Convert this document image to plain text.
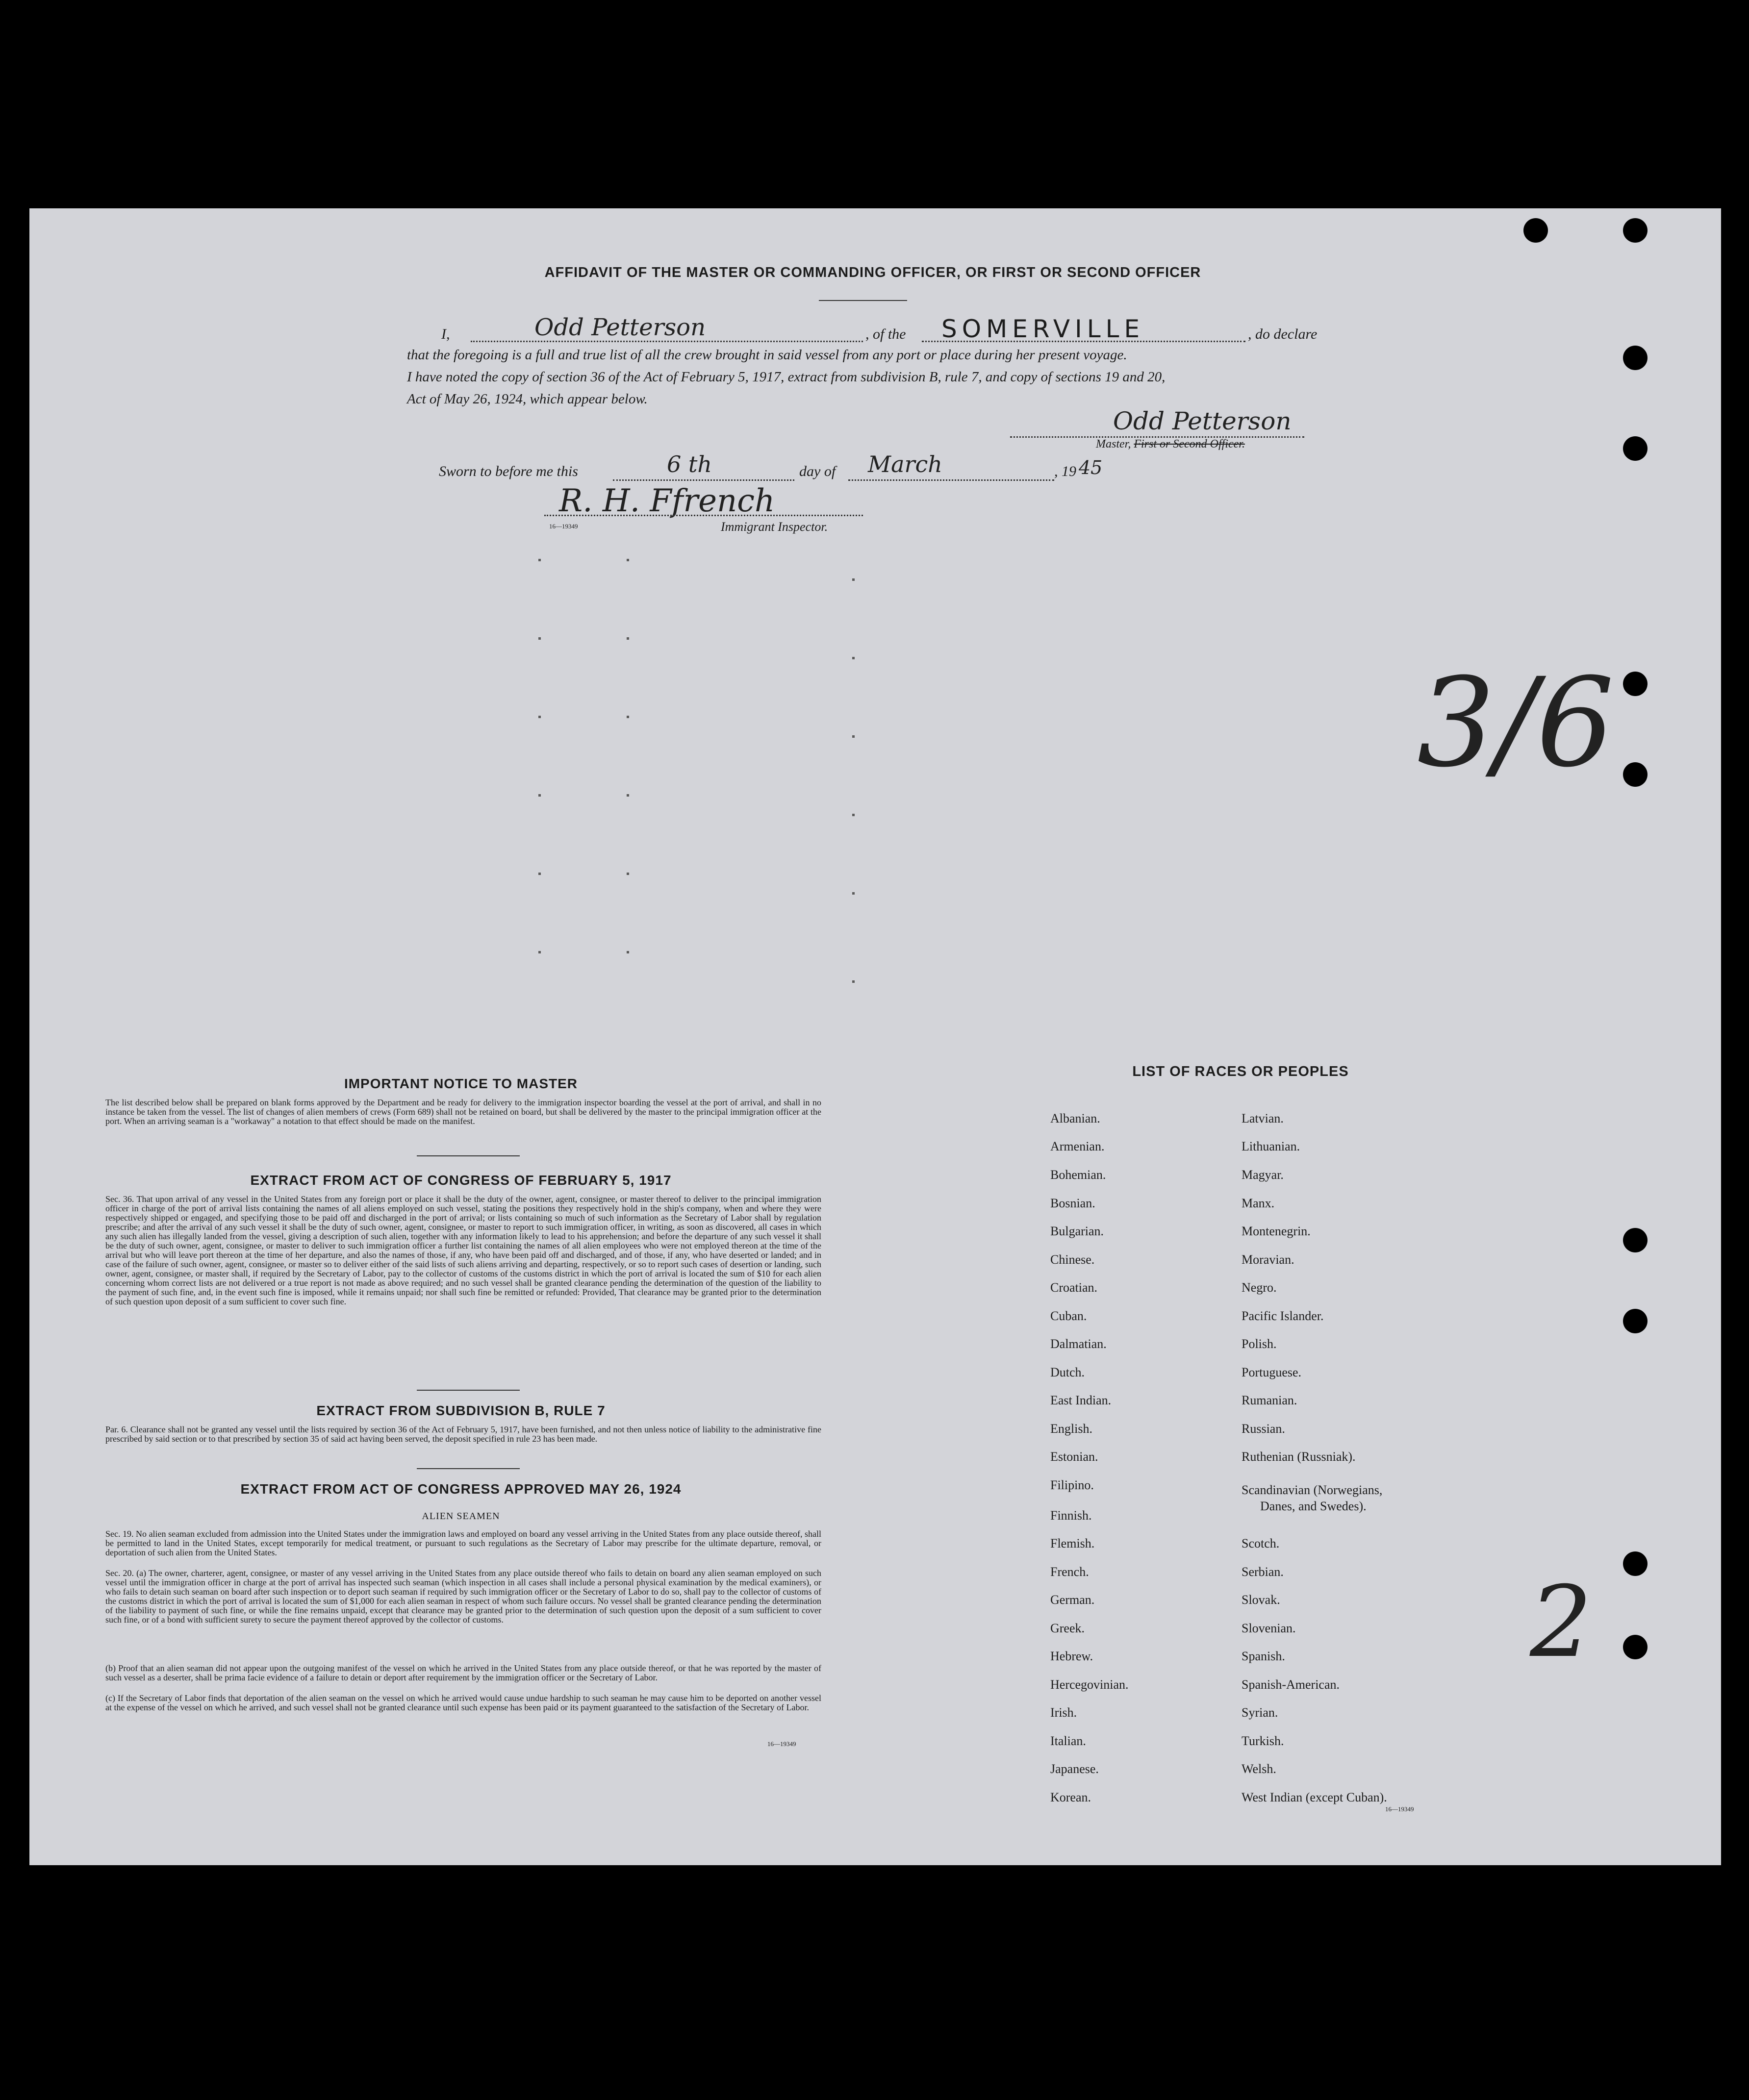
AFFIDAVIT OF THE MASTER OR COMMANDING OFFICER, OR FIRST OR SECOND OFFICER
I,	Odd Petterson	, of the SOMERVILLE	, do declare
that the foregoing is a full and true list of all the crew brought in said vessel from any port or place during her present voyage.
I have noted the copy of section 36 of the Act of February 5, 1917, extract from subdivision B, rule 7, and copy of sections 19 and 20,
Act of May 26, 1924, which appear below.
Odd Petterson
Master, First or Second Officer.
Sworn to before me this	6 th	day of March	, 19 45
R. H. Ffrench
16—19349	Immigrant Inspector.
3/6
2
IMPORTANT NOTICE TO MASTER
The list described below shall be prepared on blank forms approved by the Department and be ready for delivery to the immigration inspector boarding the vessel at the port of arrival, and shall in no instance be taken from the vessel. The list of changes of alien members of crews (Form 689) shall not be retained on board, but shall be delivered by the master to the principal immigration officer at the port. When an arriving seaman is a "workaway" a notation to that effect should be made on the manifest.
EXTRACT FROM ACT OF CONGRESS OF FEBRUARY 5, 1917
Sec. 36. That upon arrival of any vessel in the United States from any foreign port or place it shall be the duty of the owner, agent, consignee, or master thereof to deliver to the principal immigration officer in charge of the port of arrival lists containing the names of all aliens employed on such vessel, stating the positions they respectively hold in the ship's company, when and where they were respectively shipped or engaged, and specifying those to be paid off and discharged in the port of arrival; or lists containing so much of such information as the Secretary of Labor shall by regulation prescribe; and after the arrival of any such vessel it shall be the duty of such owner, agent, consignee, or master to report to such immigration officer, in writing, as soon as discovered, all cases in which any such alien has illegally landed from the vessel, giving a description of such alien, together with any information likely to lead to his apprehension; and before the departure of any such vessel it shall be the duty of such owner, agent, consignee, or master to deliver to such immigration officer a further list containing the names of all alien employees who were not employed thereon at the time of the arrival but who will leave port thereon at the time of her departure, and also the names of those, if any, who have been paid off and discharged, and of those, if any, who have deserted or landed; and in case of the failure of such owner, agent, consignee, or master so to deliver either of the said lists of such aliens arriving and departing, respectively, or so to report such cases of desertion or landing, such owner, agent, consignee, or master shall, if required by the Secretary of Labor, pay to the collector of customs of the customs district in which the port of arrival is located the sum of $10 for each alien concerning whom correct lists are not delivered or a true report is not made as above required; and no such vessel shall be granted clearance pending the determination of the question of the liability to the payment of such fine, and, in the event such fine is imposed, while it remains unpaid; nor shall such fine be remitted or refunded: Provided, That clearance may be granted prior to the determination of such question upon deposit of a sum sufficient to cover such fine.
EXTRACT FROM SUBDIVISION B, RULE 7
Par. 6. Clearance shall not be granted any vessel until the lists required by section 36 of the Act of February 5, 1917, have been furnished, and not then unless notice of liability to the administrative fine prescribed by said section or to that prescribed by section 35 of said act having been served, the deposit specified in rule 23 has been made.
EXTRACT FROM ACT OF CONGRESS APPROVED MAY 26, 1924
ALIEN SEAMEN
Sec. 19. No alien seaman excluded from admission into the United States under the immigration laws and employed on board any vessel arriving in the United States from any place outside thereof, shall be permitted to land in the United States, except temporarily for medical treatment, or pursuant to such regulations as the Secretary of Labor may prescribe for the ultimate departure, removal, or deportation of such alien from the United States.
Sec. 20. (a) The owner, charterer, agent, consignee, or master of any vessel arriving in the United States from any place outside thereof who fails to detain on board any alien seaman employed on such vessel until the immigration officer in charge at the port of arrival has inspected such seaman (which inspection in all cases shall include a personal physical examination by the medical examiners), or who fails to detain such seaman on board after such inspection or to deport such seaman if required by such immigration officer or the Secretary of Labor to do so, shall pay to the collector of customs of the customs district in which the port of arrival is located the sum of $1,000 for each alien seaman in respect of whom such failure occurs. No vessel shall be granted clearance pending the determination of the liability to payment of such fine, or while the fine remains unpaid, except that clearance may be granted prior to the determination of such question upon the deposit of a sum sufficient to cover such fine, or of a bond with sufficient surety to secure the payment thereof approved by the collector of customs.
(b) Proof that an alien seaman did not appear upon the outgoing manifest of the vessel on which he arrived in the United States from any place outside thereof, or that he was reported by the master of such vessel as a deserter, shall be prima facie evidence of a failure to detain or deport after requirement by the immigration officer or the Secretary of Labor.
(c) If the Secretary of Labor finds that deportation of the alien seaman on the vessel on which he arrived would cause undue hardship to such seaman he may cause him to be deported on another vessel at the expense of the vessel on which he arrived, and such vessel shall not be granted clearance until such expense has been paid or its payment guaranteed to the satisfaction of the Secretary of Labor.
16—19349
LIST OF RACES OR PEOPLES
Albanian.
Armenian.
Bohemian.
Bosnian.
Bulgarian.
Chinese.
Croatian.
Cuban.
Dalmatian.
Dutch.
East Indian.
English.
Estonian.
Filipino.
Finnish.
Flemish.
French.
German.
Greek.
Hebrew.
Hercegovinian.
Irish.
Italian.
Japanese.
Korean.
Latvian.
Lithuanian.
Magyar.
Manx.
Montenegrin.
Moravian.
Negro.
Pacific Islander.
Polish.
Portuguese.
Rumanian.
Russian.
Ruthenian (Russniak).
Scandinavian (Norwegians,
Danes, and Swedes).
Scotch.
Serbian.
Slovak.
Slovenian.
Spanish.
Spanish-American.
Syrian.
Turkish.
Welsh.
West Indian (except Cuban).
16—19349
